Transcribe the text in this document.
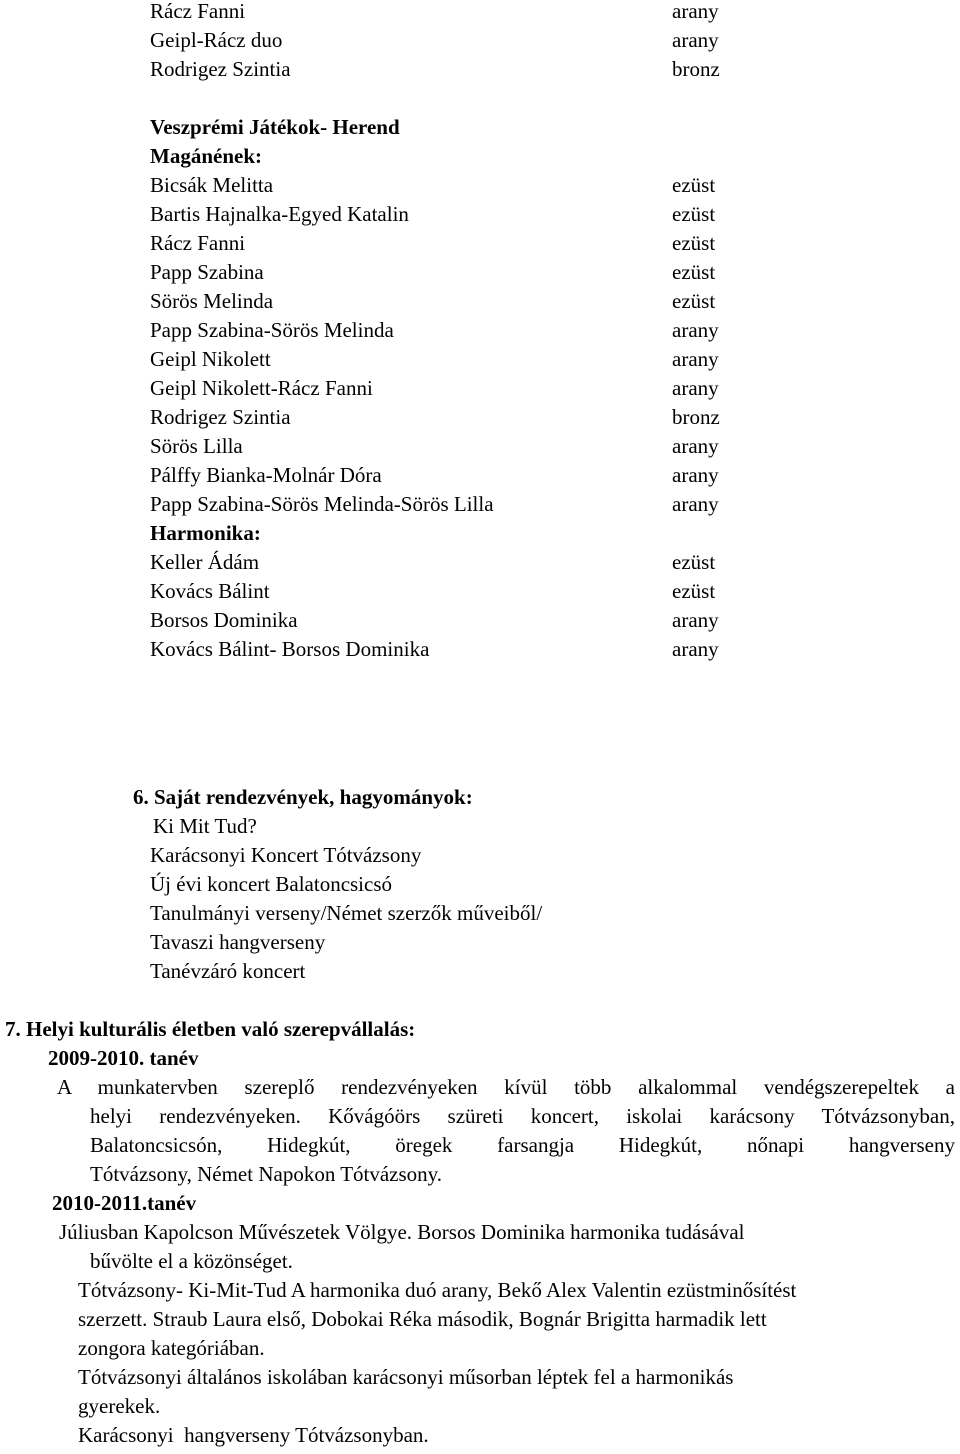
Rácz Fanni	arany
Geipl-Rácz duo	arany
Rodrigez Szintia	bronz
Veszprémi Játékok- Herend
Magánének:
Bicsák Melitta	ezüst
Bartis Hajnalka-Egyed Katalin	ezüst
Rácz Fanni	ezüst
Papp Szabina	ezüst
Sörös Melinda	ezüst
Papp Szabina-Sörös Melinda	arany
Geipl Nikolett	arany
Geipl Nikolett-Rácz Fanni	arany
Rodrigez Szintia	bronz
Sörös Lilla	arany
Pálffy Bianka-Molnár Dóra	arany
Papp Szabina-Sörös Melinda-Sörös Lilla	arany
Harmonika:
Keller Ádám	ezüst
Kovács Bálint	ezüst
Borsos Dominika	arany
Kovács Bálint- Borsos Dominika	arany
6. Saját rendezvények, hagyományok:
Ki Mit Tud?
Karácsonyi Koncert Tótvázsony
Új évi koncert Balatoncsicsó
Tanulmányi verseny/Német szerzők műveiből/
Tavaszi hangverseny
Tanévzáró koncert
7. Helyi kulturális életben való szerepvállalás:
2009-2010. tanév
A munkatervben szereplő rendezvényeken kívül több alkalommal vendégszerepeltek a
helyi rendezvényeken. Kővágóörs szüreti koncert, iskolai karácsony Tótvázsonyban,
Balatoncsicsón, Hidegkút, öregek farsangja Hidegkút, nőnapi hangverseny
Tótvázsony, Német Napokon Tótvázsony.
2010-2011.tanév
Júliusban Kapolcson Művészetek Völgye. Borsos Dominika harmonika tudásával
bűvölte el a közönséget.
Tótvázsony- Ki-Mit-Tud A harmonika duó arany, Bekő Alex Valentin ezüstminősítést
szerzett. Straub Laura első, Dobokai Réka második, Bognár Brigitta harmadik lett
zongora kategóriában.
Tótvázsonyi általános iskolában karácsonyi műsorban léptek fel a harmonikás
gyerekek.
Karácsonyi  hangverseny Tótvázsonyban.
